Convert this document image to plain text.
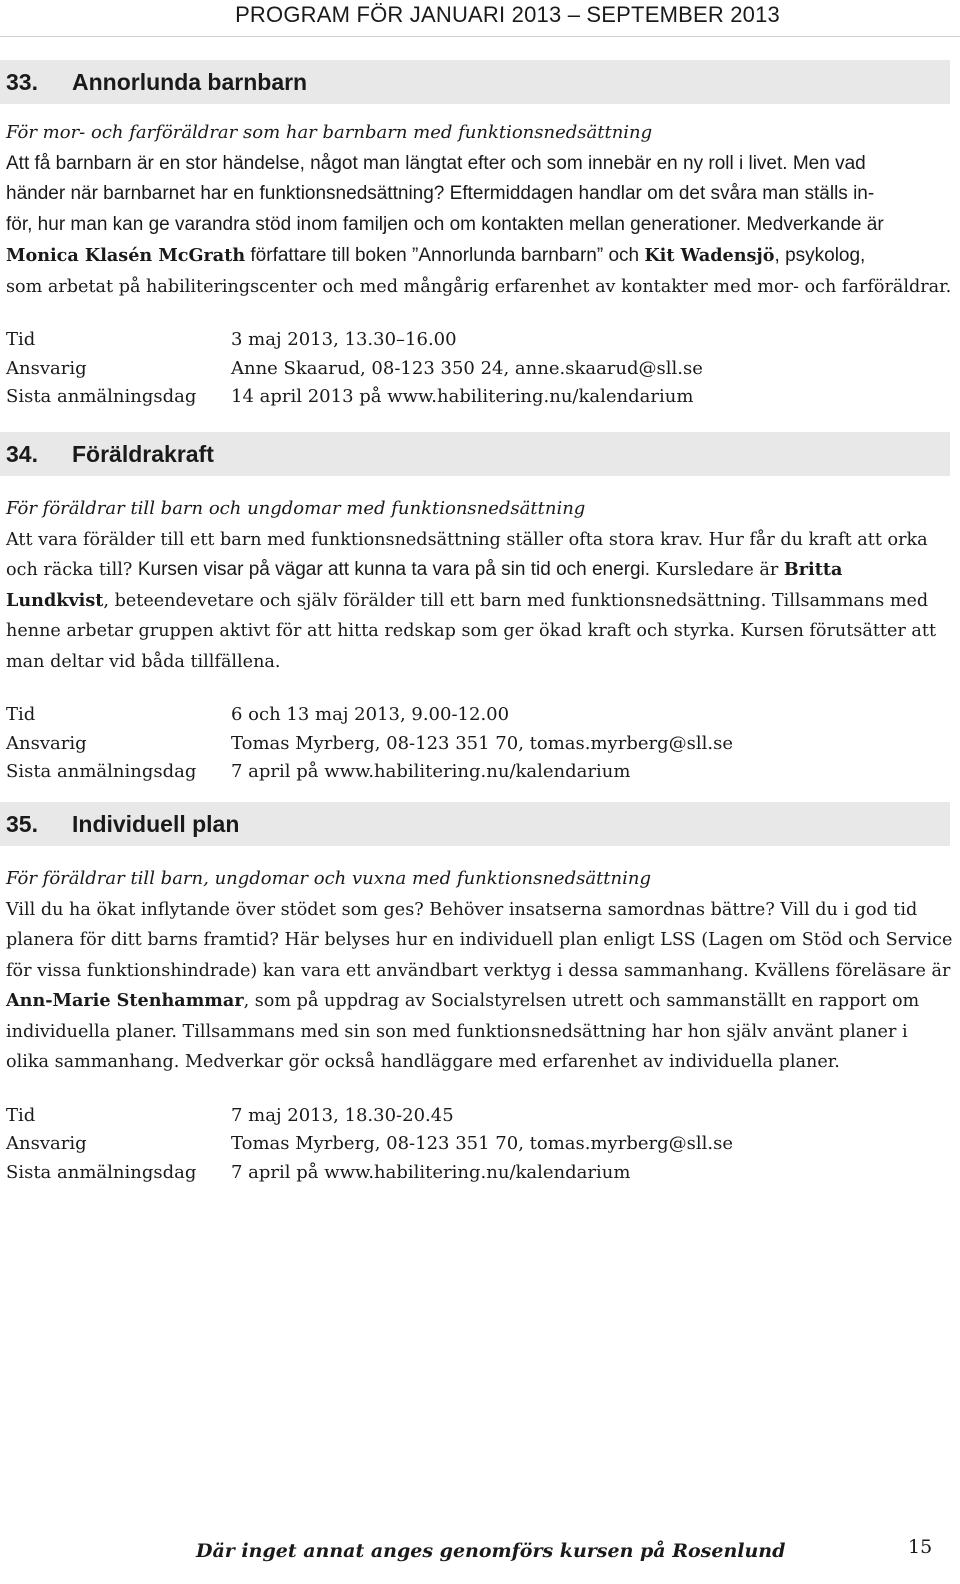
PROGRAM FÖR JANUARI 2013 – SEPTEMBER 2013
33.	Annorlunda barnbarn
För mor- och farföräldrar som har barnbarn med funktionsnedsättning
Att få barnbarn är en stor händelse, något man längtat efter och som innebär en ny roll i livet. Men vad
händer när barnbarnet har en funktionsnedsättning? Eftermiddagen handlar om det svåra man ställs in-
för, hur man kan ge varandra stöd inom familjen och om kontakten mellan generationer. Medverkande är
Monica Klasén McGrath författare till boken ”Annorlunda barnbarn” och Kit Wadensjö, psykolog,
som arbetat på habiliteringscenter och med mångårig erfarenhet av kontakter med mor- och farföräldrar.
Tid	3 maj 2013, 13.30–16.00
Ansvarig	Anne Skaarud, 08-123 350 24, anne.skaarud@sll.se
Sista anmälningsdag	14 april 2013 på www.habilitering.nu/kalendarium
34.	Föräldrakraft
För föräldrar till barn och ungdomar med funktionsnedsättning
Att vara förälder till ett barn med funktionsnedsättning ställer ofta stora krav. Hur får du kraft att orka
och räcka till? Kursen visar på vägar att kunna ta vara på sin tid och energi. Kursledare är Britta
Lundkvist, beteendevetare och själv förälder till ett barn med funktionsnedsättning. Tillsammans med
henne arbetar gruppen aktivt för att hitta redskap som ger ökad kraft och styrka. Kursen förutsätter att
man deltar vid båda tillfällena.
Tid	6 och 13 maj 2013, 9.00-12.00
Ansvarig	Tomas Myrberg, 08-123 351 70, tomas.myrberg@sll.se
Sista anmälningsdag	7 april på www.habilitering.nu/kalendarium
35.	Individuell plan
För föräldrar till barn, ungdomar och vuxna med funktionsnedsättning
Vill du ha ökat inflytande över stödet som ges? Behöver insatserna samordnas bättre? Vill du i god tid
planera för ditt barns framtid? Här belyses hur en individuell plan enligt LSS (Lagen om Stöd och Service
för vissa funktionshindrade) kan vara ett användbart verktyg i dessa sammanhang. Kvällens föreläsare är
Ann-Marie Stenhammar, som på uppdrag av Socialstyrelsen utrett och sammanställt en rapport om
individuella planer. Tillsammans med sin son med funktionsnedsättning har hon själv använt planer i
olika sammanhang. Medverkar gör också handläggare med erfarenhet av individuella planer.
Tid	7 maj 2013, 18.30-20.45
Ansvarig	Tomas Myrberg, 08-123 351 70, tomas.myrberg@sll.se
Sista anmälningsdag	7 april på www.habilitering.nu/kalendarium
Där inget annat anges genomförs kursen på Rosenlund	15
